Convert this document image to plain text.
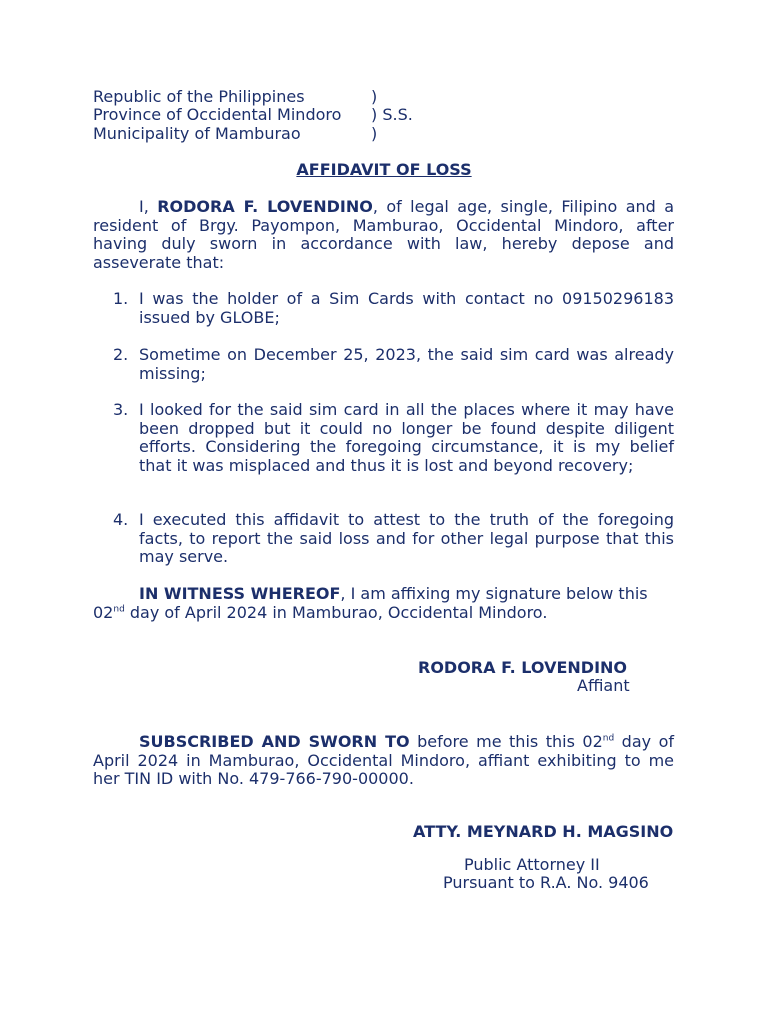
Republic of the Philippines	)
Province of Occidental Mindoro ) S.S.
Municipality of Mamburao	)
AFFIDAVIT OF LOSS
I, RODORA F. LOVENDINO, of legal age, single, Filipino and a resident of Brgy. Payompon, Mamburao, Occidental Mindoro, after having duly sworn in accordance with law, hereby depose and asseverate that:
1. I was the holder of a Sim Cards with contact no 09150296183 issued by GLOBE;
2. Sometime on December 25, 2023, the said sim card was already missing;
3. I looked for the said sim card in all the places where it may have been dropped but it could no longer be found despite diligent efforts. Considering the foregoing circumstance, it is my belief that it was misplaced and thus it is lost and beyond recovery;
4. I executed this affidavit to attest to the truth of the foregoing facts, to report the said loss and for other legal purpose that this may serve.
IN WITNESS WHEREOF, I am affixing my signature below this
02nd day of April 2024 in Mamburao, Occidental Mindoro.
RODORA F. LOVENDINO
Affiant
SUBSCRIBED AND SWORN TO before me this this 02nd day of April 2024 in Mamburao, Occidental Mindoro, affiant exhibiting to me her TIN ID with No. 479-766-790-00000.
ATTY. MEYNARD H. MAGSINO
Public Attorney II
Pursuant to R.A. No. 9406
